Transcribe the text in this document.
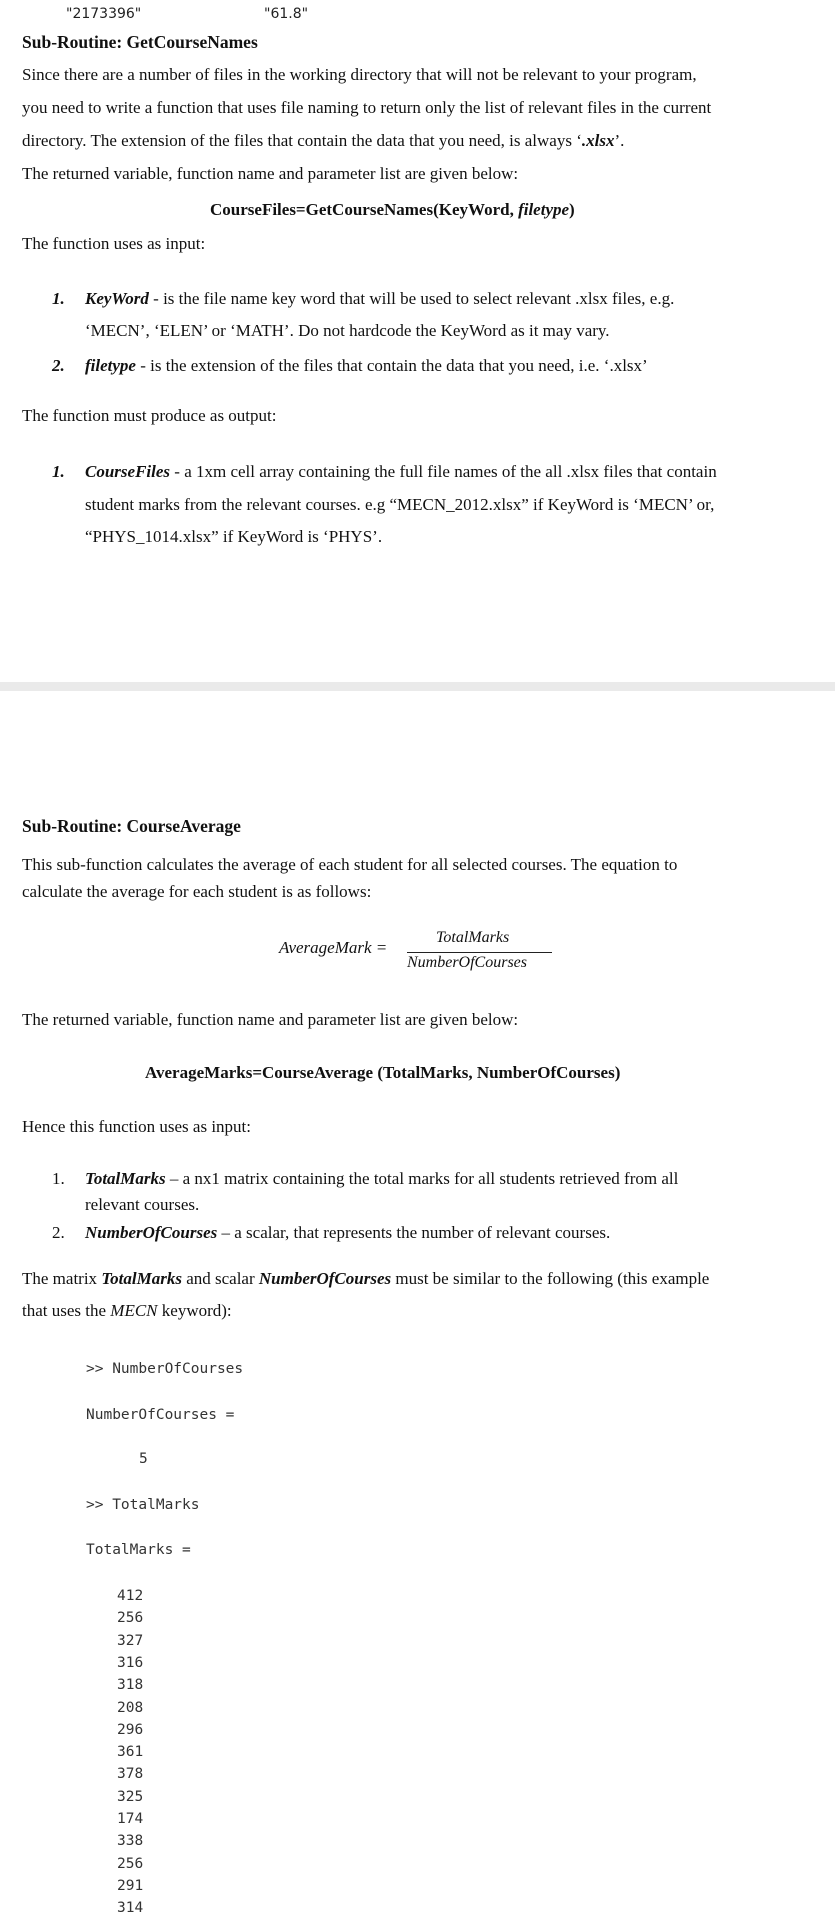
"2173396"	"61.8"
Sub-Routine: GetCourseNames
Since there are a number of files in the working directory that will not be relevant to your program,
you need to write a function that uses file naming to return only the list of relevant files in the current
directory. The extension of the files that contain the data that you need, is always ‘.xlsx’.
The returned variable, function name and parameter list are given below:
CourseFiles=GetCourseNames(KeyWord, filetype)
The function uses as input:
1. KeyWord - is the file name key word that will be used to select relevant .xlsx files, e.g.
‘MECN’, ‘ELEN’ or ‘MATH’. Do not hardcode the KeyWord as it may vary.
2. filetype - is the extension of the files that contain the data that you need, i.e. ‘.xlsx’
The function must produce as output:
1. CourseFiles - a 1xm cell array containing the full file names of the all .xlsx files that contain
student marks from the relevant courses. e.g “MECN_2012.xlsx” if KeyWord is ‘MECN’ or,
“PHYS_1014.xlsx” if KeyWord is ‘PHYS’.
Sub-Routine: CourseAverage
This sub-function calculates the average of each student for all selected courses. The equation to
calculate the average for each student is as follows:
AverageMark =
TotalMarks
NumberOfCourses
The returned variable, function name and parameter list are given below:
AverageMarks=CourseAverage (TotalMarks, NumberOfCourses)
Hence this function uses as input:
1. TotalMarks – a nx1 matrix containing the total marks for all students retrieved from all
relevant courses.
2. NumberOfCourses – a scalar, that represents the number of relevant courses.
The matrix TotalMarks and scalar NumberOfCourses must be similar to the following (this example
that uses the MECN keyword):
>> NumberOfCourses
NumberOfCourses =
5
>> TotalMarks
TotalMarks =
412
256
327
316
318
208
296
361
378
325
174
338
256
291
314
